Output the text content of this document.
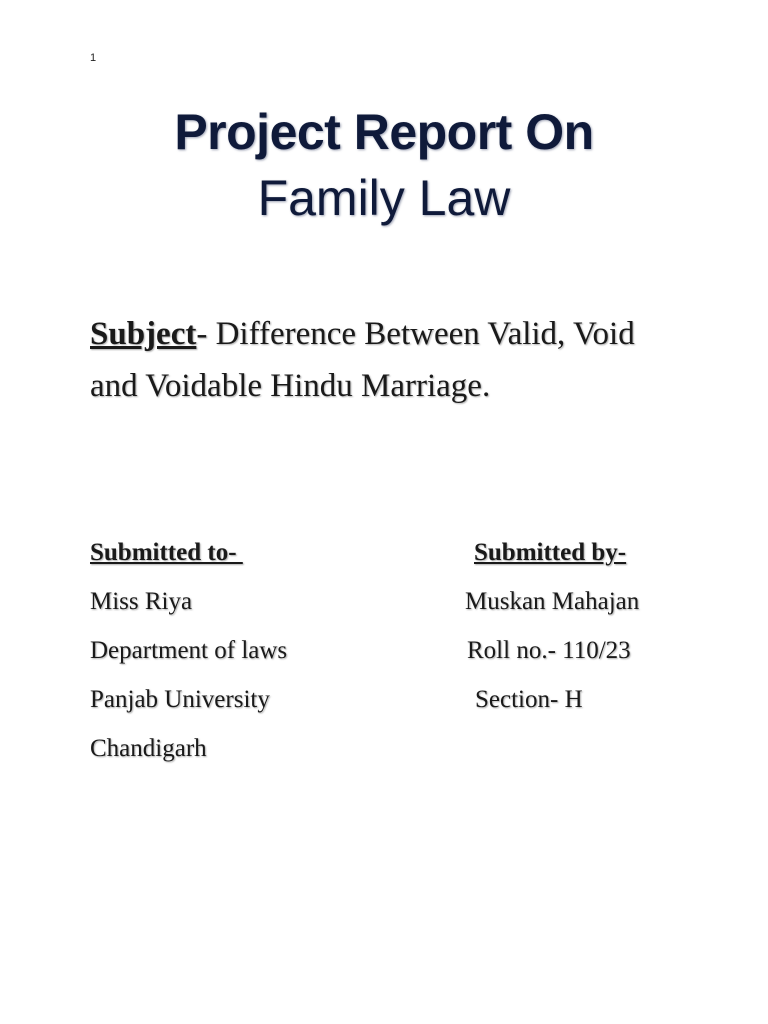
1
Project Report On
Family Law
Subject- Difference Between Valid, Void
and Voidable Hindu Marriage.
Submitted to-
Miss Riya
Department of laws
Panjab University
Chandigarh
Submitted by-
Muskan Mahajan
Roll no.- 110/23
Section- H
